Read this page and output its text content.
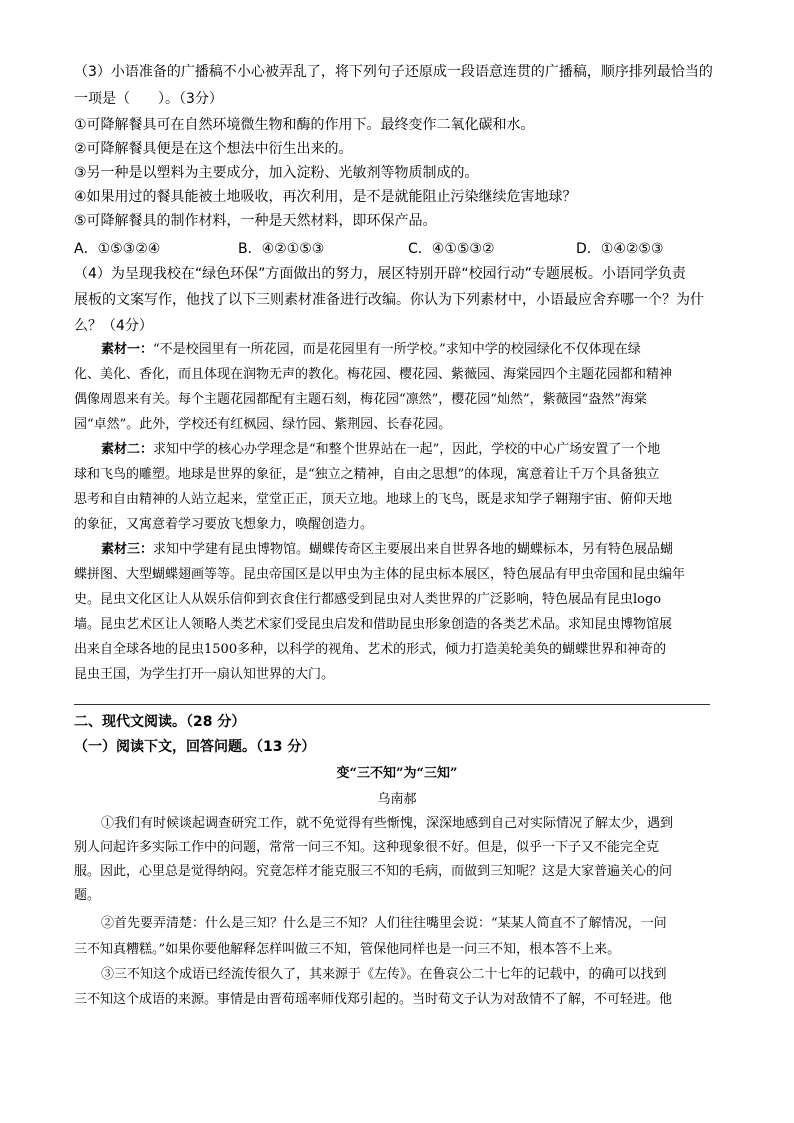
（3）小语准备的广播稿不小心被弄乱了，将下列句子还原成一段语意连贯的广播稿，顺序排列最恰当的
一项是（　　）。（3分）
①可降解餐具可在自然环境微生物和酶的作用下。最终变作二氧化碳和水。
②可降解餐具便是在这个想法中衍生出来的。
③另一种是以塑料为主要成分，加入淀粉、光敏剂等物质制成的。
④如果用过的餐具能被土地吸收，再次利用，是不是就能阻止污染继续危害地球？
⑤可降解餐具的制作材料，一种是天然材料，即环保产品。
A．①⑤③②④	B．④②①⑤③	C．④①⑤③②	D．①④②⑤③
（4）为呈现我校在“绿色环保”方面做出的努力，展区特别开辟“校园行动”专题展板。小语同学负责
展板的文案写作，他找了以下三则素材准备进行改编。你认为下列素材中，小语最应舍弃哪一个？为什
么？（4分）
素材一：“不是校园里有一所花园，而是花园里有一所学校。”求知中学的校园绿化不仅体现在绿
化、美化、香化，而且体现在润物无声的教化。梅花园、樱花园、紫薇园、海棠园四个主题花园都和精神
偶像周恩来有关。每个主题花园都配有主题石刻，梅花园“凛然”，樱花园“灿然”，紫薇园“盎然”海棠
园“卓然”。此外，学校还有红枫园、绿竹园、紫荆园、长春花园。
素材二：求知中学的核心办学理念是“和整个世界站在一起”，因此，学校的中心广场安置了一个地
球和飞鸟的雕塑。地球是世界的象征，是“独立之精神，自由之思想”的体现，寓意着让千万个具备独立
思考和自由精神的人站立起来，堂堂正正，顶天立地。地球上的飞鸟，既是求知学子翱翔宇宙、俯仰天地
的象征，又寓意着学习要放飞想象力，唤醒创造力。
素材三：求知中学建有昆虫博物馆。蝴蝶传奇区主要展出来自世界各地的蝴蝶标本，另有特色展品蝴
蝶拼图、大型蝴蝶翅画等等。昆虫帝国区是以甲虫为主体的昆虫标本展区，特色展品有甲虫帝国和昆虫编年
史。昆虫文化区让人从娱乐信仰到衣食住行都感受到昆虫对人类世界的广泛影响，特色展品有昆虫logo
墙。昆虫艺术区让人领略人类艺术家们受昆虫启发和借助昆虫形象创造的各类艺术品。求知昆虫博物馆展
出来自全球各地的昆虫1500多种，以科学的视角、艺术的形式，倾力打造美轮美奂的蝴蝶世界和神奇的
昆虫王国，为学生打开一扇认知世界的大门。
二、现代文阅读。（28 分）
（一）阅读下文，回答问题。（13 分）
变“三不知”为“三知”
乌南郝
①我们有时候谈起调查研究工作，就不免觉得有些惭愧，深深地感到自己对实际情况了解太少，遇到
别人问起许多实际工作中的问题，常常一问三不知。这种现象很不好。但是，似乎一下子又不能完全克
服。因此，心里总是觉得纳闷。究竟怎样才能克服三不知的毛病，而做到三知呢？这是大家普遍关心的问
题。
②首先要弄清楚：什么是三知？什么是三不知？人们往往嘴里会说：“某某人简直不了解情况，一问
三不知真糟糕。”如果你要他解释怎样叫做三不知，管保他同样也是一问三不知，根本答不上来。
③三不知这个成语已经流传很久了，其来源于《左传》。在鲁哀公二十七年的记载中，的确可以找到
三不知这个成语的来源。事情是由晋荀瑶率师伐郑引起的。当时荀文子认为对敌情不了解，不可轻进。他
